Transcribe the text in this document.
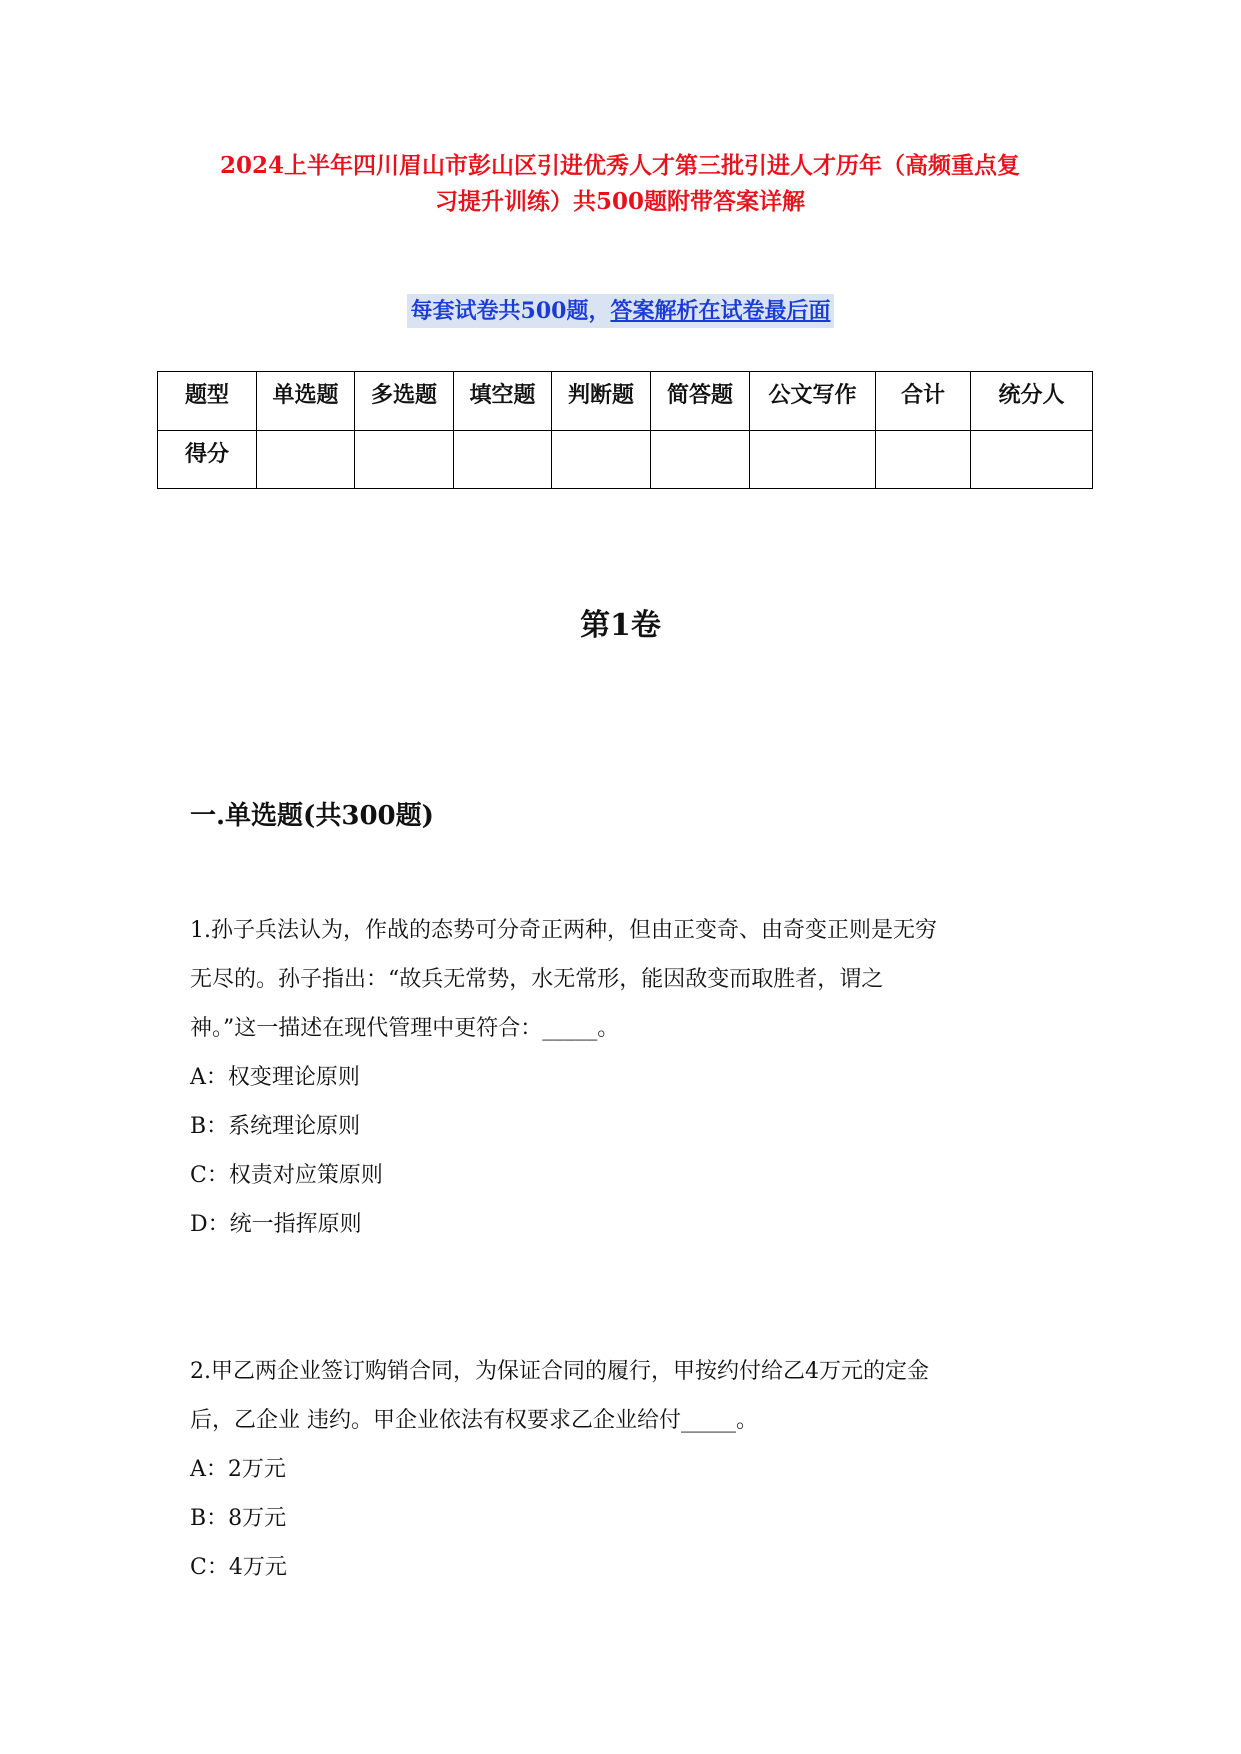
2024上半年四川眉山市彭山区引进优秀人才第三批引进人才历年（高频重点复
习提升训练）共500题附带答案详解
每套试卷共500题，答案解析在试卷最后面
题型	单选题	多选题	填空题	判断题	简答题	公文写作	合计	统分人
得分								
第1卷
一.单选题(共300题)
1.孙子兵法认为，作战的态势可分奇正两种，但由正变奇、由奇变正则是无穷
无尽的。孙子指出：“故兵无常势，水无常形，能因敌变而取胜者，谓之
神。”这一描述在现代管理中更符合：_____。
A：权变理论原则
B：系统理论原则
C：权责对应策原则
D：统一指挥原则
2.甲乙两企业签订购销合同，为保证合同的履行，甲按约付给乙4万元的定金
后，乙企业 违约。甲企业依法有权要求乙企业给付_____。
A：2万元
B：8万元
C：4万元
